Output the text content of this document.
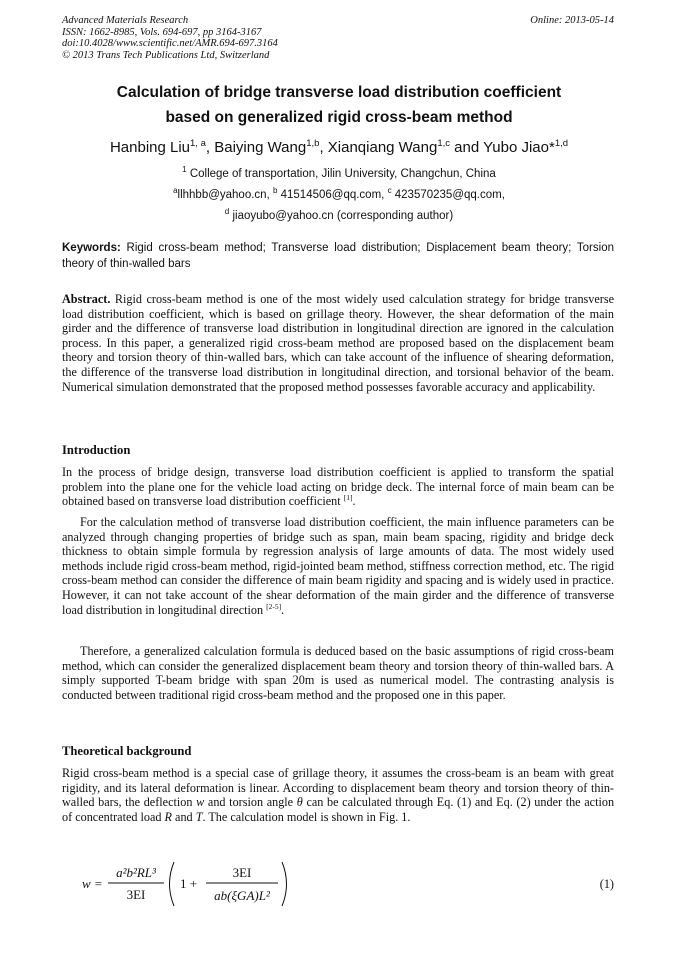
Advanced Materials Research
ISSN: 1662-8985, Vols. 694-697, pp 3164-3167
doi:10.4028/www.scientific.net/AMR.694-697.3164
© 2013 Trans Tech Publications Ltd, Switzerland
Online: 2013-05-14
Calculation of bridge transverse load distribution coefficient
based on generalized rigid cross-beam method
Hanbing Liu$^{1, a}$, Baiying Wang$^{1,b}$, Xianqiang Wang$^{1,c}$ and Yubo Jiao*$^{1,d}$
$^1$ College of transportation, Jilin University, Changchun, China
$^a$llhhbb@yahoo.cn, $^b$ 41514506@qq.com, $^c$ 423570235@qq.com,
$^d$ jiaoyubo@yahoo.cn (corresponding author)
Keywords: Rigid cross-beam method; Transverse load distribution; Displacement beam theory; Torsion theory of thin-walled bars
Abstract. Rigid cross-beam method is one of the most widely used calculation strategy for bridge transverse load distribution coefficient, which is based on grillage theory. However, the shear deformation of the main girder and the difference of transverse load distribution in longitudinal direction are ignored in the calculation process. In this paper, a generalized rigid cross-beam method are proposed based on the displacement beam theory and torsion theory of thin-walled bars, which can take account of the influence of shearing deformation, the difference of the transverse load distribution in longitudinal direction, and torsional behavior of the beam. Numerical simulation demonstrated that the proposed method possesses favorable accuracy and applicability.
Introduction
In the process of bridge design, transverse load distribution coefficient is applied to transform the spatial problem into the plane one for the vehicle load acting on bridge deck. The internal force of main beam can be obtained based on transverse load distribution coefficient [1].
For the calculation method of transverse load distribution coefficient, the main influence parameters can be analyzed through changing properties of bridge such as span, main beam spacing, rigidity and bridge deck thickness to obtain simple formula by regression analysis of large amounts of data. The most widely used methods include rigid cross-beam method, rigid-jointed beam method, stiffness correction method, etc. The rigid cross-beam method can consider the difference of main beam rigidity and spacing and is widely used in practice. However, it can not take account of the shear deformation of the main girder and the difference of transverse load distribution in longitudinal direction [2-5].
Therefore, a generalized calculation formula is deduced based on the basic assumptions of rigid cross-beam method, which can consider the generalized displacement beam theory and torsion theory of thin-walled bars. A simply supported T-beam bridge with span 20m is used as numerical model. The contrasting analysis is conducted between traditional rigid cross-beam method and the proposed one in this paper.
Theoretical background
Rigid cross-beam method is a special case of grillage theory, it assumes the cross-beam is an beam with great rigidity, and its lateral deformation is linear. According to displacement beam theory and torsion theory of thin-walled bars, the deflection w and torsion angle θ can be calculated through Eq. (1) and Eq. (2) under the action of concentrated load R and T. The calculation model is shown in Fig. 1.
w =
a²b²RL³
3EI
1 +
3EI
ab(ξGA)L²
(1)
